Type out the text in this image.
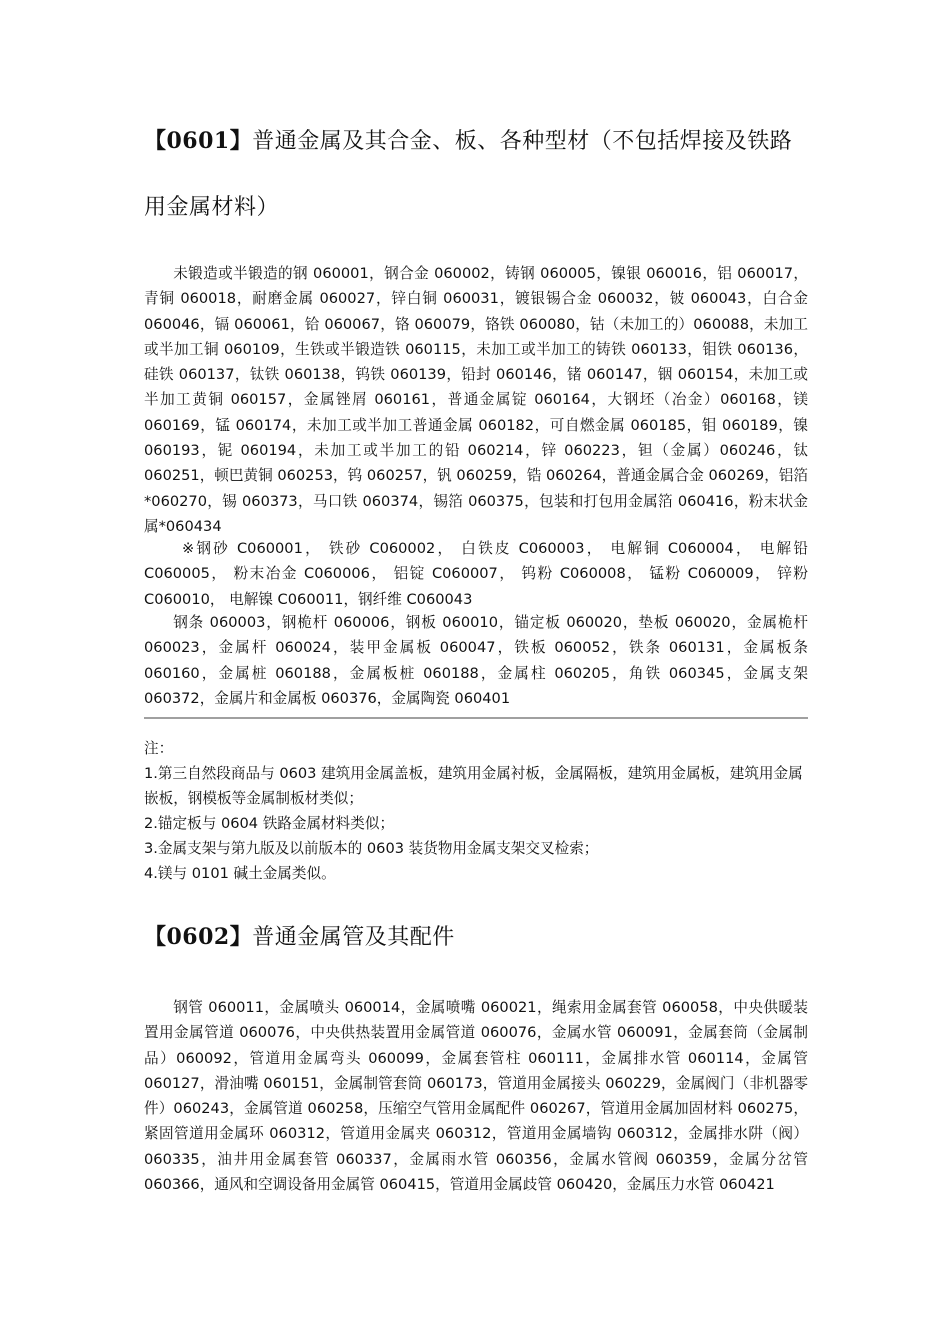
【0601】普通金属及其合金、板、各种型材（不包括焊接及铁路用金属材料）

未锻造或半锻造的钢 060001，钢合金 060002，铸钢 060005，镍银 060016，铝 060017，青铜 060018，耐磨金属 060027，锌白铜 060031，镀银锡合金 060032，铍 060043，白合金 060046，镉 060061，铪 060067，铬 060079，铬铁 060080，钴（未加工的）060088，未加工或半加工铜 060109，生铁或半锻造铁 060115，未加工或半加工的铸铁 060133，钼铁 060136，硅铁 060137，钛铁 060138，钨铁 060139，铅封 060146，锗 060147，铟 060154，未加工或半加工黄铜 060157，金属锉屑 060161，普通金属锭 060164，大钢坯（冶金）060168，镁 060169，锰 060174，未加工或半加工普通金属 060182，可自燃金属 060185，钼 060189，镍 060193，铌 060194，未加工或半加工的铅 060214，锌 060223，钽（金属）060246，钛 060251，顿巴黄铜 060253，钨 060257，钒 060259，锆 060264，普通金属合金 060269，铝箔*060270，锡 060373，马口铁 060374，锡箔 060375，包装和打包用金属箔 060416，粉末状金属*060434

※钢砂 C060001， 铁砂 C060002， 白铁皮 C060003， 电解铜 C060004， 电解铅 C060005， 粉末冶金 C060006， 铝锭 C060007， 钨粉 C060008， 锰粉 C060009， 锌粉 C060010， 电解镍 C060011，钢纤维 C060043

钢条 060003，钢桅杆 060006，钢板 060010，锚定板 060020，垫板 060020，金属桅杆 060023，金属杆 060024，装甲金属板 060047，铁板 060052，铁条 060131，金属板条 060160，金属桩 060188，金属板桩 060188，金属柱 060205，角铁 060345，金属支架 060372，金属片和金属板 060376，金属陶瓷 060401

注：

1.第三自然段商品与 0603 建筑用金属盖板，建筑用金属衬板，金属隔板，建筑用金属板，建筑用金属嵌板，钢模板等金属制板材类似；

2.锚定板与 0604 铁路金属材料类似；

3.金属支架与第九版及以前版本的 0603 装货物用金属支架交叉检索；

4.镁与 0101 碱土金属类似。

【0602】普通金属管及其配件

钢管 060011，金属喷头 060014，金属喷嘴 060021，绳索用金属套管 060058，中央供暖装置用金属管道 060076，中央供热装置用金属管道 060076，金属水管 060091，金属套筒（金属制品）060092，管道用金属弯头 060099，金属套管柱 060111，金属排水管 060114，金属管 060127，滑油嘴 060151，金属制管套筒 060173，管道用金属接头 060229，金属阀门（非机器零件）060243，金属管道 060258，压缩空气管用金属配件 060267，管道用金属加固材料 060275，紧固管道用金属环 060312，管道用金属夹 060312，管道用金属墙钩 060312，金属排水阱（阀）060335，油井用金属套管 060337，金属雨水管 060356，金属水管阀 060359，金属分岔管 060366，通风和空调设备用金属管 060415，管道用金属歧管 060420，金属压力水管 060421
